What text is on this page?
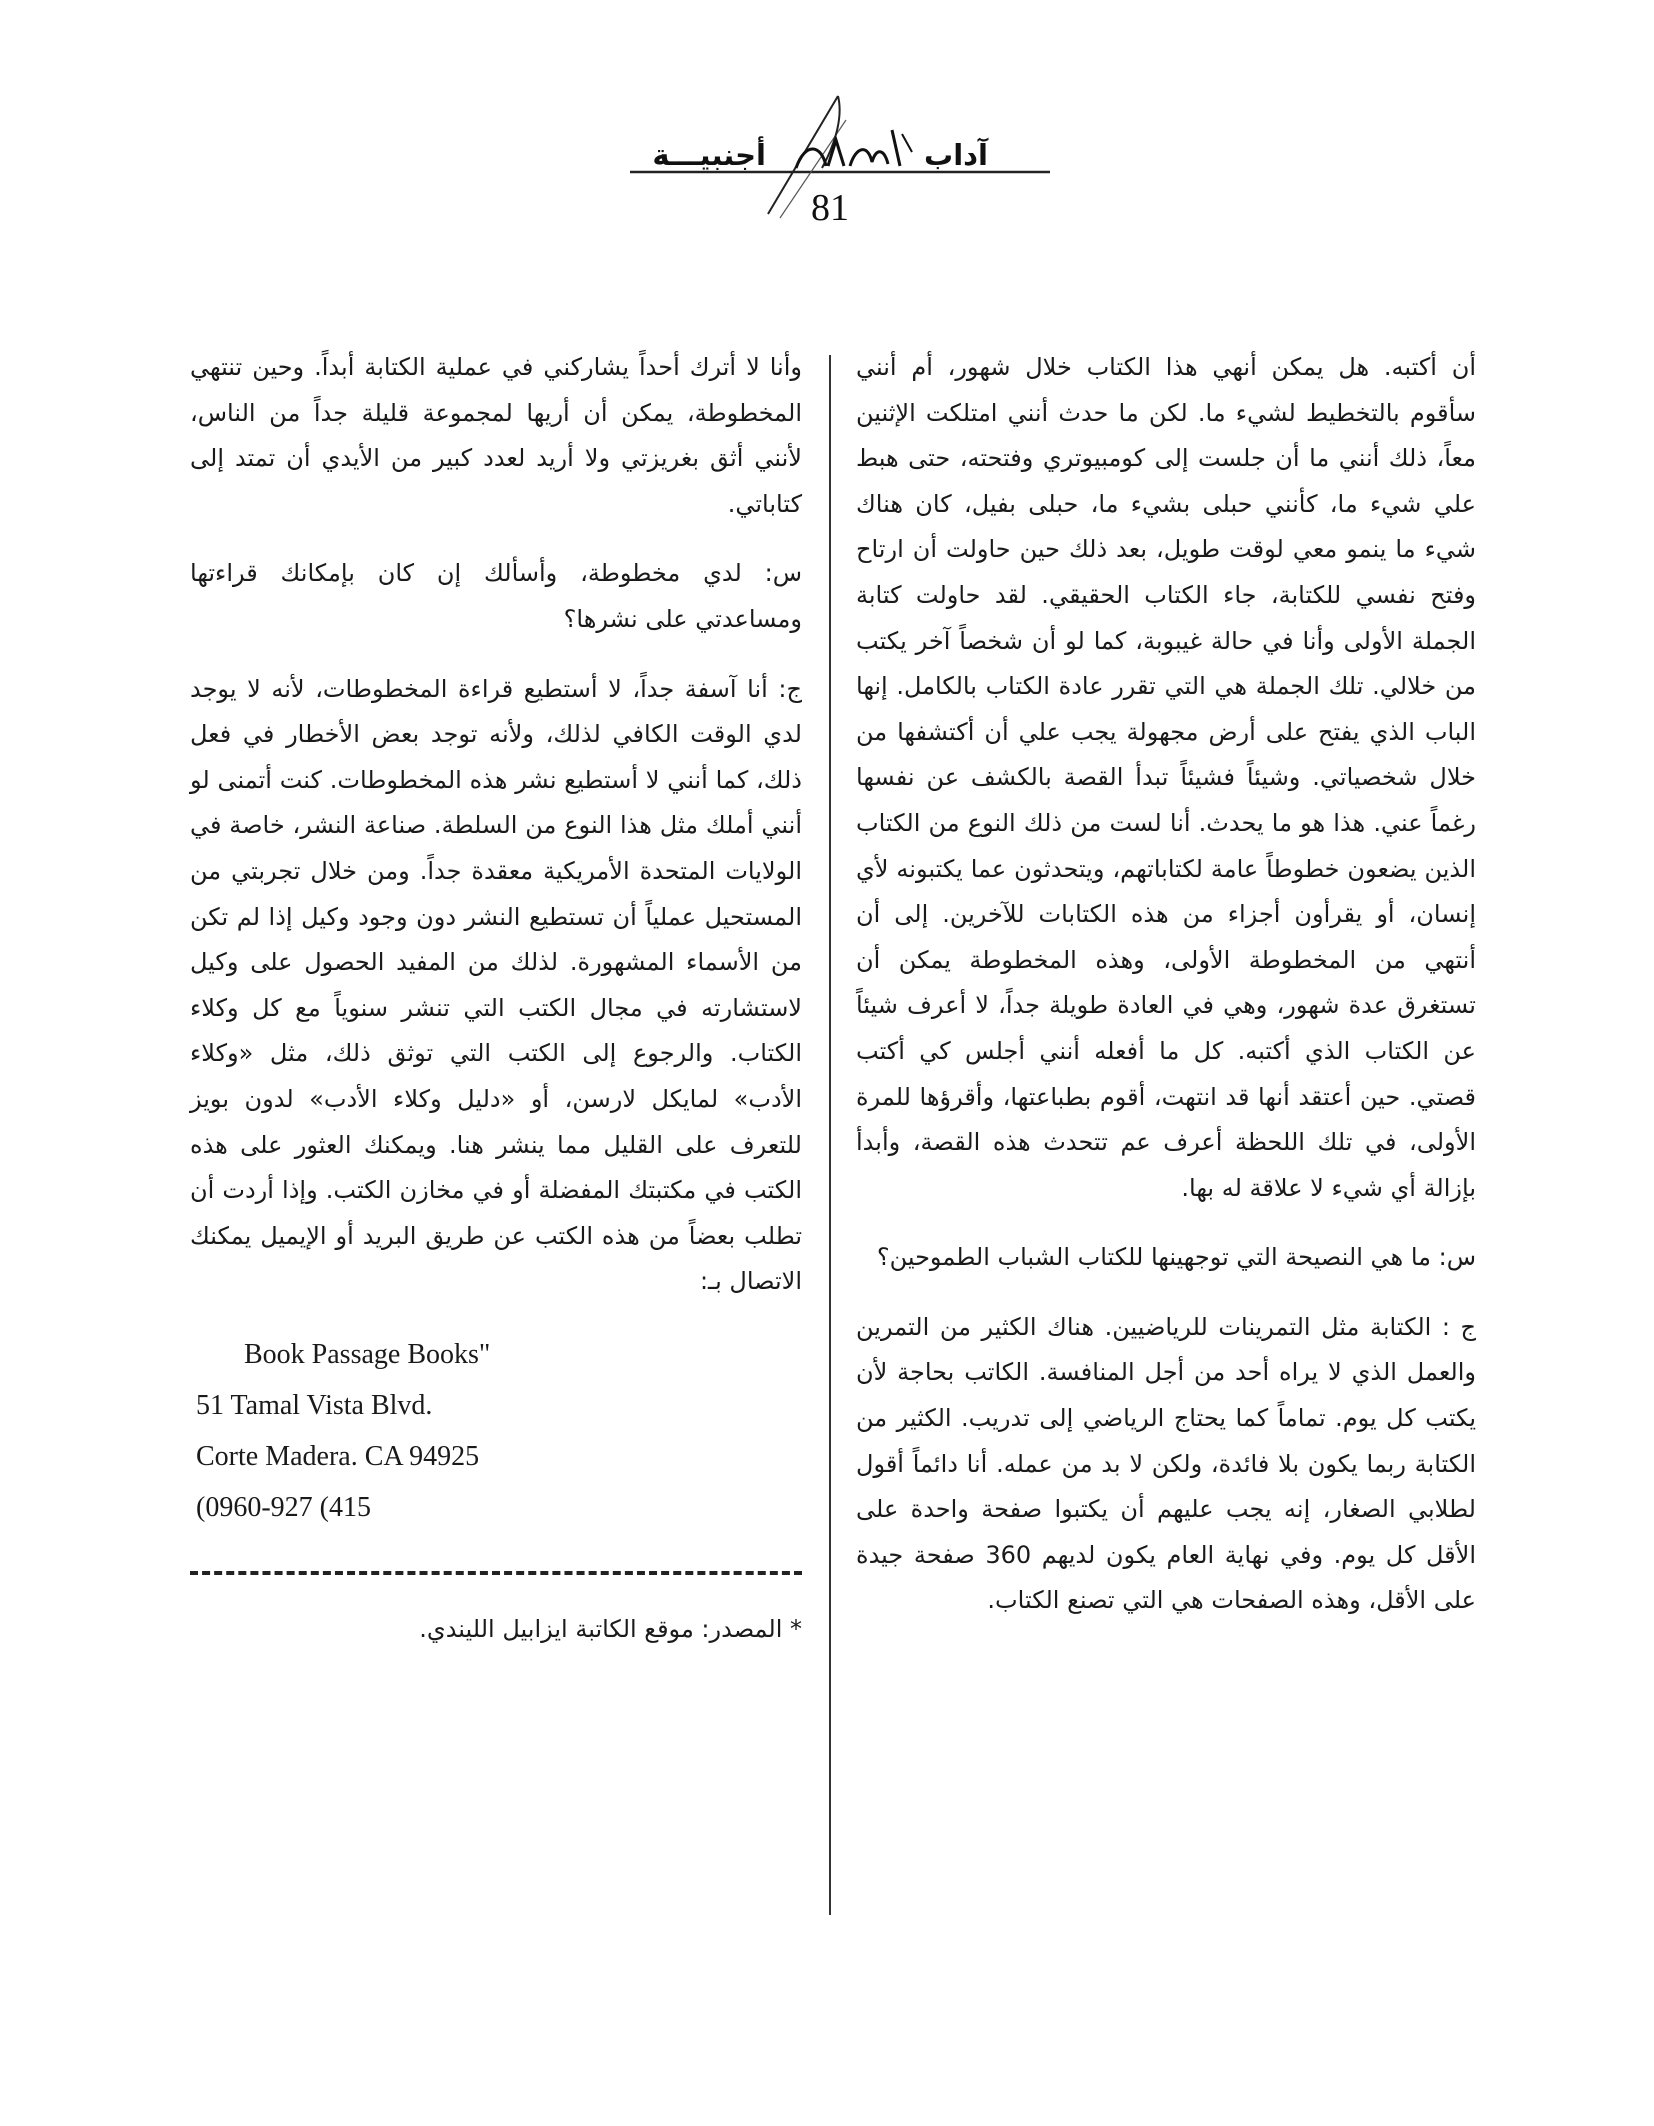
آداب
أجنبيـــة
81

أن أكتبه. هل يمكن أنهي هذا الكتاب خلال شهور، أم أنني سأقوم بالتخطيط لشيء ما. لكن ما حدث أنني امتلكت الإثنين معاً، ذلك أنني ما أن جلست إلى كومبيوتري وفتحته، حتى هبط علي شيء ما، كأنني حبلى بشيء ما، حبلى بفيل، كان هناك شيء ما ينمو معي لوقت طويل، بعد ذلك حين حاولت أن ارتاح وفتح نفسي للكتابة، جاء الكتاب الحقيقي. لقد حاولت كتابة الجملة الأولى وأنا في حالة غيبوبة، كما لو أن شخصاً آخر يكتب من خلالي. تلك الجملة هي التي تقرر عادة الكتاب بالكامل. إنها الباب الذي يفتح على أرض مجهولة يجب علي أن أكتشفها من خلال شخصياتي. وشيئاً فشيئاً تبدأ القصة بالكشف عن نفسها رغماً عني. هذا هو ما يحدث. أنا لست من ذلك النوع من الكتاب الذين يضعون خطوطاً عامة لكتاباتهم، ويتحدثون عما يكتبونه لأي إنسان، أو يقرأون أجزاء من هذه الكتابات للآخرين. إلى أن أنتهي من المخطوطة الأولى، وهذه المخطوطة يمكن أن تستغرق عدة شهور، وهي في العادة طويلة جداً، لا أعرف شيئاً عن الكتاب الذي أكتبه. كل ما أفعله أنني أجلس كي أكتب قصتي. حين أعتقد أنها قد انتهت، أقوم بطباعتها، وأقرؤها للمرة الأولى، في تلك اللحظة أعرف عم تتحدث هذه القصة، وأبدأ بإزالة أي شيء لا علاقة له بها.

س: ما هي النصيحة التي توجهينها للكتاب الشباب الطموحين؟

ج : الكتابة مثل التمرينات للرياضيين. هناك الكثير من التمرين والعمل الذي لا يراه أحد من أجل المنافسة. الكاتب بحاجة لأن يكتب كل يوم. تماماً كما يحتاج الرياضي إلى تدريب. الكثير من الكتابة ربما يكون بلا فائدة، ولكن لا بد من عمله. أنا دائماً أقول لطلابي الصغار، إنه يجب عليهم أن يكتبوا صفحة واحدة على الأقل كل يوم. وفي نهاية العام يكون لديهم 360 صفحة جيدة على الأقل، وهذه الصفحات هي التي تصنع الكتاب.

وأنا لا أترك أحداً يشاركني في عملية الكتابة أبداً. وحين تنتهي المخطوطة، يمكن أن أريها لمجموعة قليلة جداً من الناس، لأنني أثق بغريزتي ولا أريد لعدد كبير من الأيدي أن تمتد إلى كتاباتي.

س: لدي مخطوطة، وأسألك إن كان بإمكانك قراءتها ومساعدتي على نشرها؟

ج: أنا آسفة جداً، لا أستطيع قراءة المخطوطات، لأنه لا يوجد لدي الوقت الكافي لذلك، ولأنه توجد بعض الأخطار في فعل ذلك، كما أنني لا أستطيع نشر هذه المخطوطات. كنت أتمنى لو أنني أملك مثل هذا النوع من السلطة. صناعة النشر، خاصة في الولايات المتحدة الأمريكية معقدة جداً. ومن خلال تجربتي من المستحيل عملياً أن تستطيع النشر دون وجود وكيل إذا لم تكن من الأسماء المشهورة. لذلك من المفيد الحصول على وكيل لاستشارته في مجال الكتب التي تنشر سنوياً مع كل وكلاء الكتاب. والرجوع إلى الكتب التي توثق ذلك، مثل «وكلاء الأدب» لمايكل لارسن، أو «دليل وكلاء الأدب» لدون بويز للتعرف على القليل مما ينشر هنا. ويمكنك العثور على هذه الكتب في مكتبتك المفضلة أو في مخازن الكتب. وإذا أردت أن تطلب بعضاً من هذه الكتب عن طريق البريد أو الإيميل يمكنك الاتصال بـ:

Book Passage Books"
51 Tamal Vista Blvd.
Corte Madera. CA 94925
(0960-927 (415
* المصدر: موقع الكاتبة ايزابيل الليندي.
